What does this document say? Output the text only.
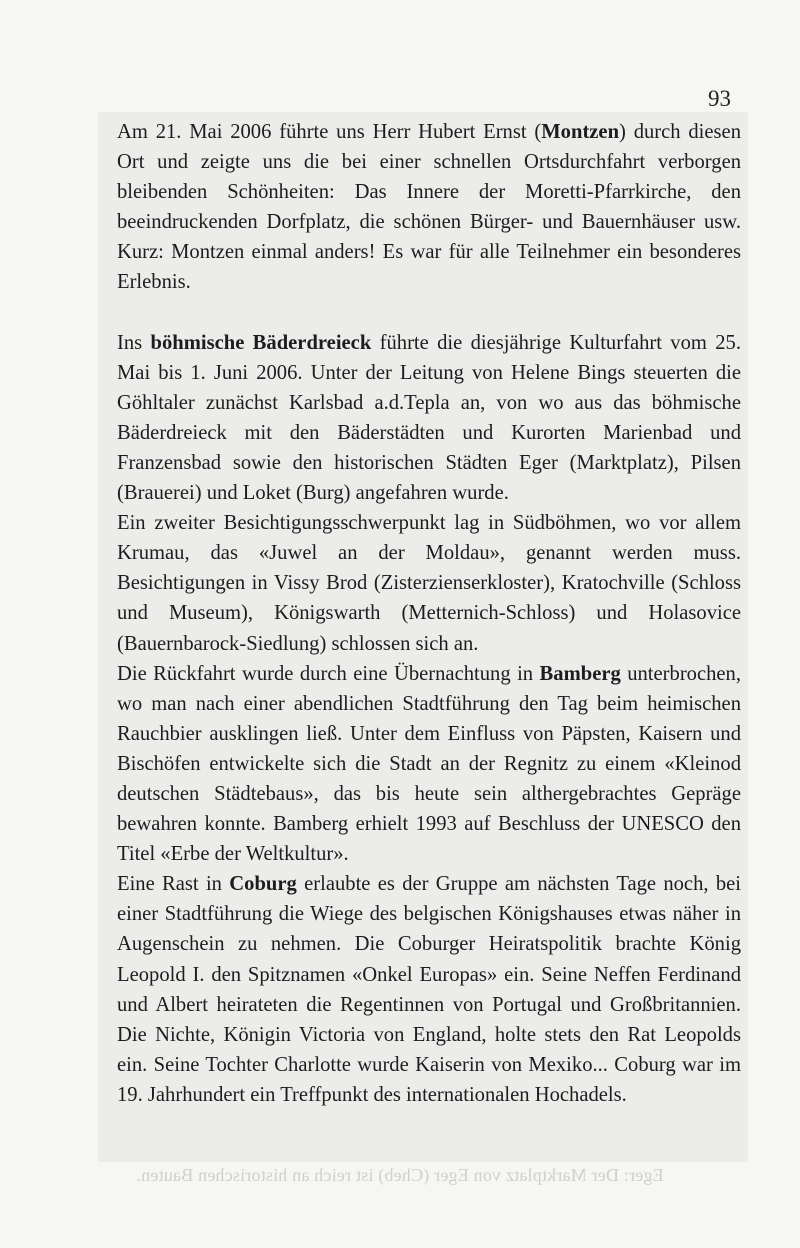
93

Am 21. Mai 2006 führte uns Herr Hubert Ernst (Montzen) durch diesen Ort und zeigte uns die bei einer schnellen Ortsdurchfahrt verborgen bleibenden Schönheiten: Das Innere der Moretti-Pfarrkirche, den beeindruckenden Dorfplatz, die schönen Bürger- und Bauernhäuser usw. Kurz: Montzen einmal anders! Es war für alle Teilnehmer ein besonderes Erlebnis.

Ins böhmische Bäderdreieck führte die diesjährige Kulturfahrt vom 25. Mai bis 1. Juni 2006. Unter der Leitung von Helene Bings steuerten die Göhltaler zunächst Karlsbad a.d.Tepla an, von wo aus das böhmische Bäderdreieck mit den Bäderstädten und Kurorten Marienbad und Franzensbad sowie den historischen Städten Eger (Marktplatz), Pilsen (Brauerei) und Loket (Burg) angefahren wurde.

Ein zweiter Besichtigungsschwerpunkt lag in Südböhmen, wo vor allem Krumau, das «Juwel an der Moldau», genannt werden muss. Besichtigungen in Vissy Brod (Zisterzienserkloster), Kratochville (Schloss und Museum), Königswarth (Metternich-Schloss) und Holasovice (Bauernbarock-Siedlung) schlossen sich an.

Die Rückfahrt wurde durch eine Übernachtung in Bamberg unterbrochen, wo man nach einer abendlichen Stadtführung den Tag beim heimischen Rauchbier ausklingen ließ. Unter dem Einfluss von Päpsten, Kaisern und Bischöfen entwickelte sich die Stadt an der Regnitz zu einem «Kleinod deutschen Städtebaus», das bis heute sein althergebrachtes Gepräge bewahren konnte. Bamberg erhielt 1993 auf Beschluss der UNESCO den Titel «Erbe der Weltkultur».

Eine Rast in Coburg erlaubte es der Gruppe am nächsten Tage noch, bei einer Stadtführung die Wiege des belgischen Königshauses etwas näher in Augenschein zu nehmen. Die Coburger Heiratspolitik brachte König Leopold I. den Spitznamen «Onkel Europas» ein. Seine Neffen Ferdinand und Albert heirateten die Regentinnen von Portugal und Großbritannien. Die Nichte, Königin Victoria von England, holte stets den Rat Leopolds ein. Seine Tochter Charlotte wurde Kaiserin von Mexiko... Coburg war im 19. Jahrhundert ein Treffpunkt des internationalen Hochadels.

Eger: Der Marktplatz von Eger (Cheb) ist reich an historischen Bauten.
